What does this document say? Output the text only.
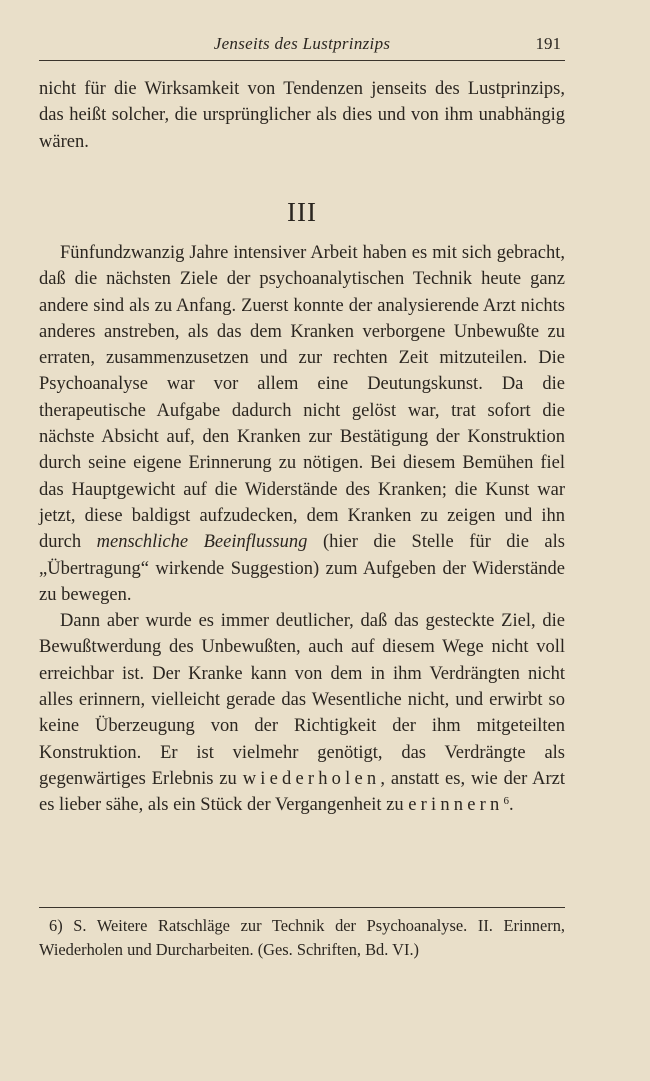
Jenseits des Lustprinzips	191

nicht für die Wirksamkeit von Tendenzen jenseits des Lustprinzips, das heißt solcher, die ursprünglicher als dies und von ihm unabhängig wären.

III

Fünfundzwanzig Jahre intensiver Arbeit haben es mit sich gebracht, daß die nächsten Ziele der psychoanalytischen Technik heute ganz andere sind als zu Anfang. Zuerst konnte der analysierende Arzt nichts anderes anstreben, als das dem Kranken verborgene Unbewußte zu erraten, zusammenzusetzen und zur rechten Zeit mitzuteilen. Die Psychoanalyse war vor allem eine Deutungskunst. Da die therapeutische Aufgabe dadurch nicht gelöst war, trat sofort die nächste Absicht auf, den Kranken zur Bestätigung der Konstruktion durch seine eigene Erinnerung zu nötigen. Bei diesem Bemühen fiel das Hauptgewicht auf die Widerstände des Kranken; die Kunst war jetzt, diese baldigst aufzudecken, dem Kranken zu zeigen und ihn durch menschliche Beeinflussung (hier die Stelle für die als „Übertragung“ wirkende Suggestion) zum Aufgeben der Widerstände zu bewegen.

Dann aber wurde es immer deutlicher, daß das gesteckte Ziel, die Bewußtwerdung des Unbewußten, auch auf diesem Wege nicht voll erreichbar ist. Der Kranke kann von dem in ihm Verdrängten nicht alles erinnern, vielleicht gerade das Wesentliche nicht, und erwirbt so keine Überzeugung von der Richtigkeit der ihm mitgeteilten Konstruktion. Er ist vielmehr genötigt, das Verdrängte als gegenwärtiges Erlebnis zu wiederholen, anstatt es, wie der Arzt es lieber sähe, als ein Stück der Vergangenheit zu erinnern$^6$.

6) S. Weitere Ratschläge zur Technik der Psychoanalyse. II. Erinnern, Wiederholen und Durcharbeiten. (Ges. Schriften, Bd. VI.)
